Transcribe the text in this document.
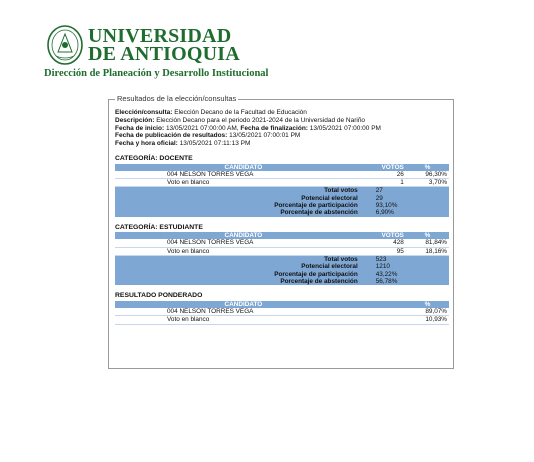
UNIVERSIDAD
DE ANTIOQUIA
Dirección de Planeación y Desarrollo Institucional
Resultados de la elección/consultas
Elección/consulta: Elección Decano de la Facultad de Educación
Descripción: Elección Decano para el periodo 2021-2024 de la Universidad de Nariño
Fecha de inicio: 13/05/2021 07:00:00 AM, Fecha de finalización: 13/05/2021 07:00:00 PM
Fecha de publicación de resultados: 13/05/2021 07:00:01 PM
Fecha y hora oficial: 13/05/2021 07:11:13 PM
CATEGORÍA: DOCENTE
CANDIDATO	VOTOS	%
004 NELSON TORRES VEGA	26	96,30%
Voto en blanco	1	3,70%
Total votos	27	
Potencial electoral	29	
Porcentaje de participación	93,10%	
Porcentaje de abstención	6,90%	
CATEGORÍA: ESTUDIANTE
CANDIDATO	VOTOS	%
004 NELSON TORRES VEGA	428	81,84%
Voto en blanco	95	18,16%
Total votos	523	
Potencial electoral	1210	
Porcentaje de participación	43,22%	
Porcentaje de abstención	56,78%	
RESULTADO PONDERADO
CANDIDATO		%
004 NELSON TORRES VEGA		89,07%
Voto en blanco		10,93%
